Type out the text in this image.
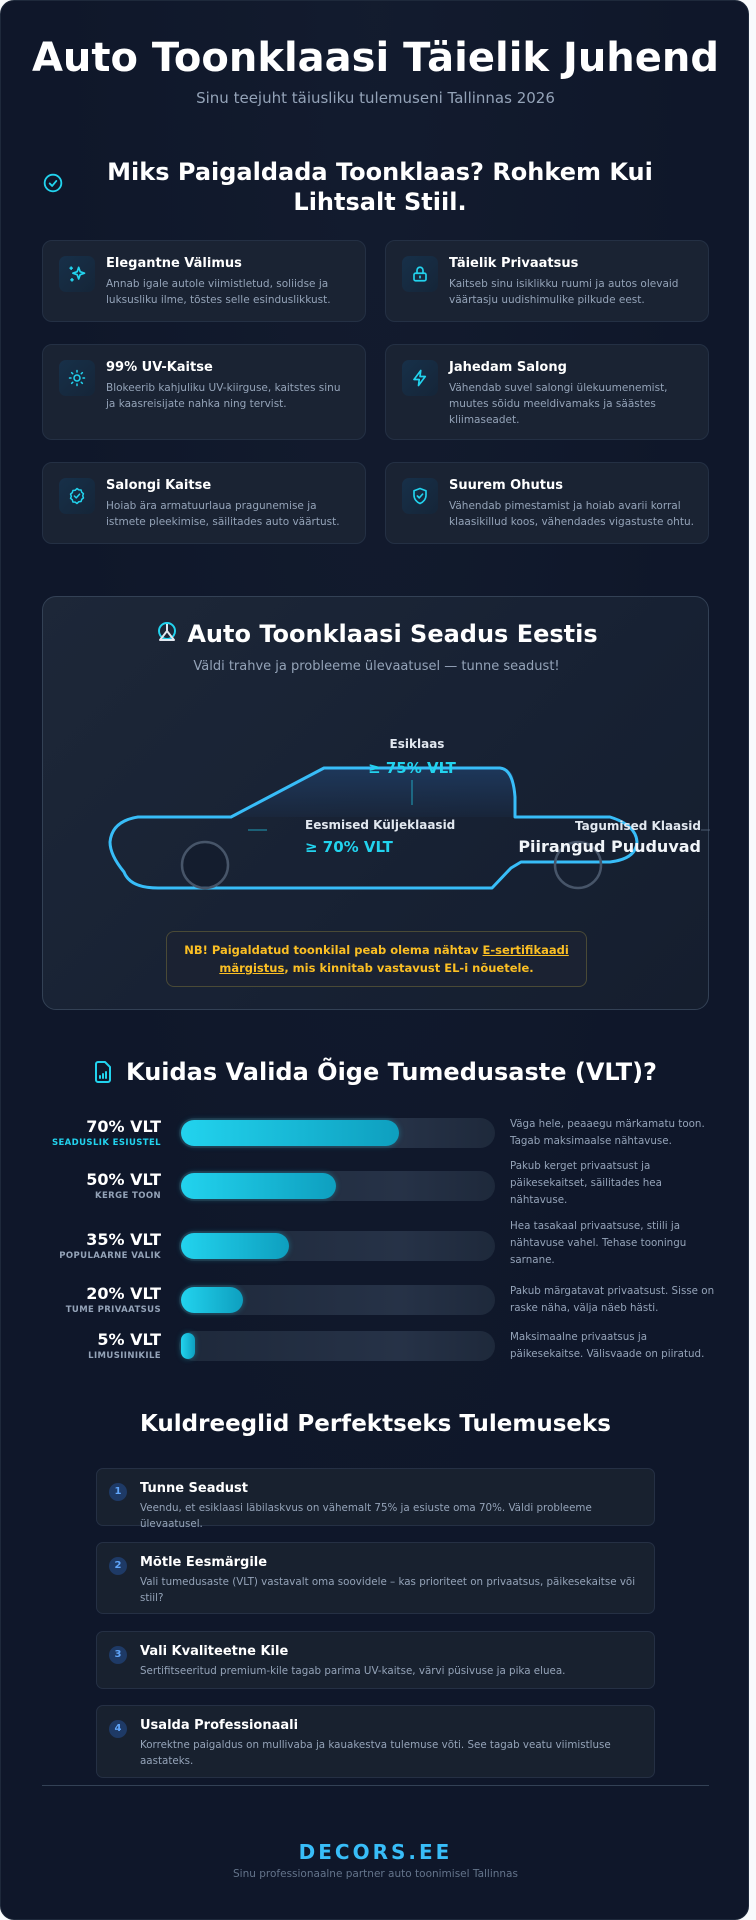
Auto Toonklaasi Täielik Juhend
Sinu teejuht täiusliku tulemuseni Tallinnas 2026
Miks Paigaldada Toonklaas? Rohkem Kui Lihtsalt Stiil.
Elegantne Välimus
Annab igale autole viimistletud, soliidse ja luksusliku ilme, tõstes selle esinduslikkust.
Täielik Privaatsus
Kaitseb sinu isiklikku ruumi ja autos olevaid väärtasju uudishimulike pilkude eest.
99% UV-Kaitse
Blokeerib kahjuliku UV-kiirguse, kaitstes sinu ja kaasreisijate nahka ning tervist.
Jahedam Salong
Vähendab suvel salongi ülekuumenemist, muutes sõidu meeldivamaks ja säästes kliimaseadet.
Salongi Kaitse
Hoiab ära armatuurlaua pragunemise ja istmete pleekimise, säilitades auto väärtust.
Suurem Ohutus
Vähendab pimestamist ja hoiab avarii korral klaasikillud koos, vähendades vigastuste ohtu.
Auto Toonklaasi Seadus Eestis
Väldi trahve ja probleeme ülevaatusel — tunne seadust!
Esiklaas
≥ 75% VLT
Eesmised Küljeklaasid
≥ 70% VLT
Tagumised Klaasid
Piirangud Puuduvad
NB! Paigaldatud toonkilal peab olema nähtav E-sertifikaadi märgistus, mis kinnitab vastavust EL-i nõuetele.
Kuidas Valida Õige Tumedusaste (VLT)?
70% VLT
SEADUSLIK ESIUSTEL
Väga hele, peaaegu märkamatu toon. Tagab maksimaalse nähtavuse.
50% VLT
KERGE TOON
Pakub kerget privaatsust ja päikesekaitset, säilitades hea nähtavuse.
35% VLT
POPULAARNE VALIK
Hea tasakaal privaatsuse, stiili ja nähtavuse vahel. Tehase tooningu sarnane.
20% VLT
TUME PRIVAATSUS
Pakub märgatavat privaatsust. Sisse on raske näha, välja näeb hästi.
5% VLT
LIMUSIINIKILE
Maksimaalne privaatsus ja päikesekaitse. Välisvaade on piiratud.
Kuldreeglid Perfektseks Tulemuseks
1	Tunne Seadust
Veendu, et esiklaasi läbilaskvus on vähemalt 75% ja esiuste oma 70%. Väldi probleeme ülevaatusel.
2	Mõtle Eesmärgile
Vali tumedusaste (VLT) vastavalt oma soovidele – kas prioriteet on privaatsus, päikesekaitse või stiil?
3	Vali Kvaliteetne Kile
Sertifitseeritud premium-kile tagab parima UV-kaitse, värvi püsivuse ja pika eluea.
4	Usalda Professionaali
Korrektne paigaldus on mullivaba ja kauakestva tulemuse võti. See tagab veatu viimistluse aastateks.
DECORS.EE
Sinu professionaalne partner auto toonimisel Tallinnas
